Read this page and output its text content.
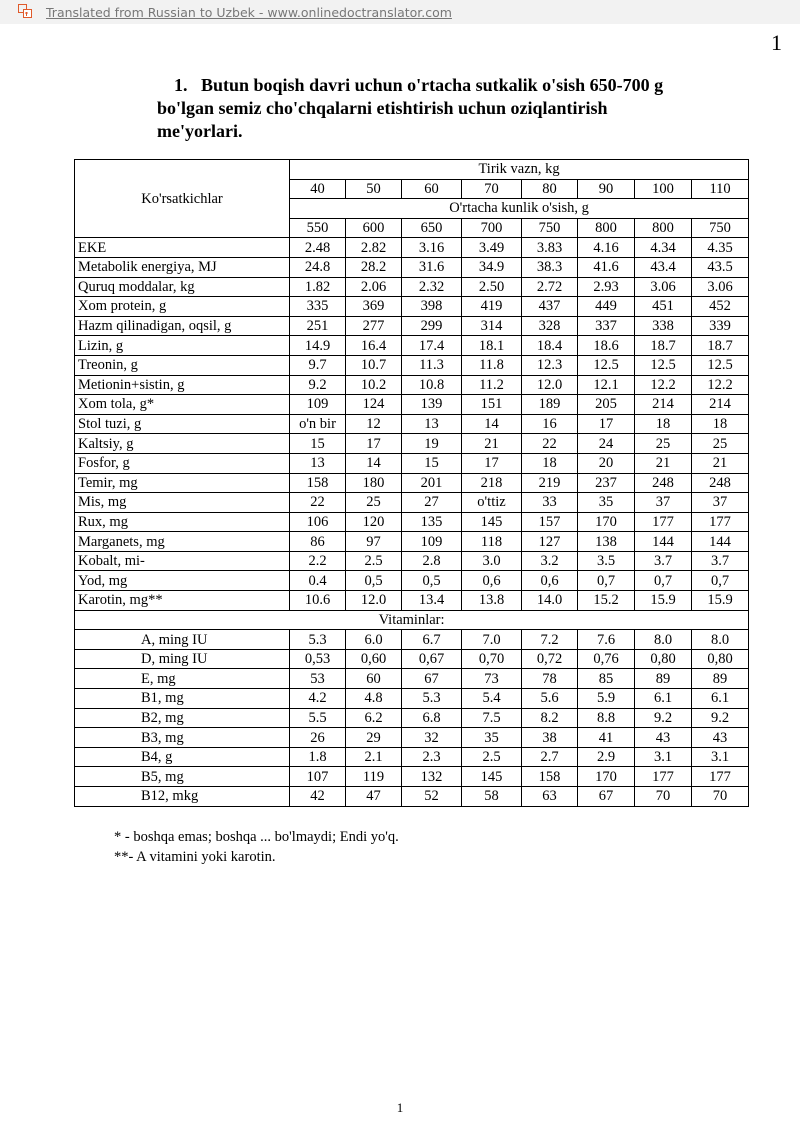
Translated from Russian to Uzbek - www.onlinedoctranslator.com
1
1. Butun boqish davri uchun o'rtacha sutkalik o'sish 650-700 g
bo'lgan semiz cho'chqalarni etishtirish uchun oziqlantirish
me'yorlari.
Ko'rsatkichlar	Tirik vazn, kg							
	40	50	60	70	80	90	100	110
	O'rtacha kunlik o'sish, g							
	550	600	650	700	750	800	800	750
EKE	2.48	2.82	3.16	3.49	3.83	4.16	4.34	4.35
Metabolik energiya, MJ	24.8	28.2	31.6	34.9	38.3	41.6	43.4	43.5
Quruq moddalar, kg	1.82	2.06	2.32	2.50	2.72	2.93	3.06	3.06
Xom protein, g	335	369	398	419	437	449	451	452
Hazm qilinadigan, oqsil, g	251	277	299	314	328	337	338	339
Lizin, g	14.9	16.4	17.4	18.1	18.4	18.6	18.7	18.7
Treonin, g	9.7	10.7	11.3	11.8	12.3	12.5	12.5	12.5
Metionin+sistin, g	9.2	10.2	10.8	11.2	12.0	12.1	12.2	12.2
Xom tola, g*	109	124	139	151	189	205	214	214
Stol tuzi, g	o'n bir	12	13	14	16	17	18	18
Kaltsiy, g	15	17	19	21	22	24	25	25
Fosfor, g	13	14	15	17	18	20	21	21
Temir, mg	158	180	201	218	219	237	248	248
Mis, mg	22	25	27	o'ttiz	33	35	37	37
Rux, mg	106	120	135	145	157	170	177	177
Marganets, mg	86	97	109	118	127	138	144	144
Kobalt, mi-	2.2	2.5	2.8	3.0	3.2	3.5	3.7	3.7
Yod, mg	0.4	0,5	0,5	0,6	0,6	0,7	0,7	0,7
Karotin, mg**	10.6	12.0	13.4	13.8	14.0	15.2	15.9	15.9
Vitaminlar:								
A, ming IU	5.3	6.0	6.7	7.0	7.2	7.6	8.0	8.0
D, ming IU	0,53	0,60	0,67	0,70	0,72	0,76	0,80	0,80
E, mg	53	60	67	73	78	85	89	89
B1, mg	4.2	4.8	5.3	5.4	5.6	5.9	6.1	6.1
B2, mg	5.5	6.2	6.8	7.5	8.2	8.8	9.2	9.2
B3, mg	26	29	32	35	38	41	43	43
B4, g	1.8	2.1	2.3	2.5	2.7	2.9	3.1	3.1
B5, mg	107	119	132	145	158	170	177	177
B12, mkg	42	47	52	58	63	67	70	70
* - boshqa emas; boshqa ... bo'lmaydi; Endi yo'q.
**- A vitamini yoki karotin.
1
